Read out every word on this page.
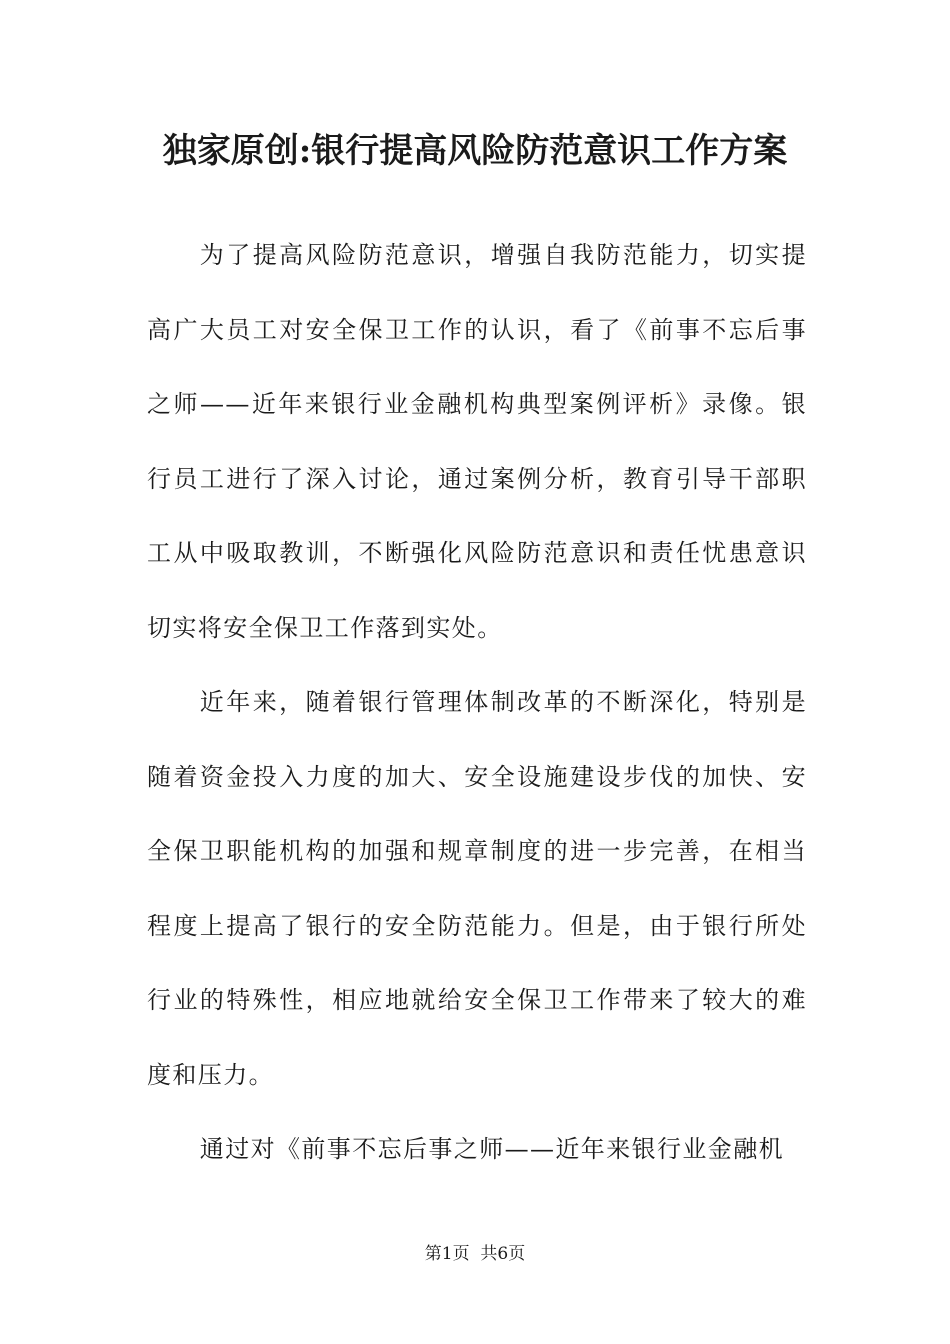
独家原创:银行提高风险防范意识工作方案

为了提高风险防范意识，增强自我防范能力，切实提高广大员工对安全保卫工作的认识，看了《前事不忘后事之师——近年来银行业金融机构典型案例评析》录像。银行员工进行了深入讨论，通过案例分析，教育引导干部职工从中吸取教训，不断强化风险防范意识和责任忧患意识切实将安全保卫工作落到实处。

近年来，随着银行管理体制改革的不断深化，特别是随着资金投入力度的加大、安全设施建设步伐的加快、安全保卫职能机构的加强和规章制度的进一步完善，在相当程度上提高了银行的安全防范能力。但是，由于银行所处行业的特殊性，相应地就给安全保卫工作带来了较大的难度和压力。

通过对《前事不忘后事之师——近年来银行业金融机

第1页  共6页
